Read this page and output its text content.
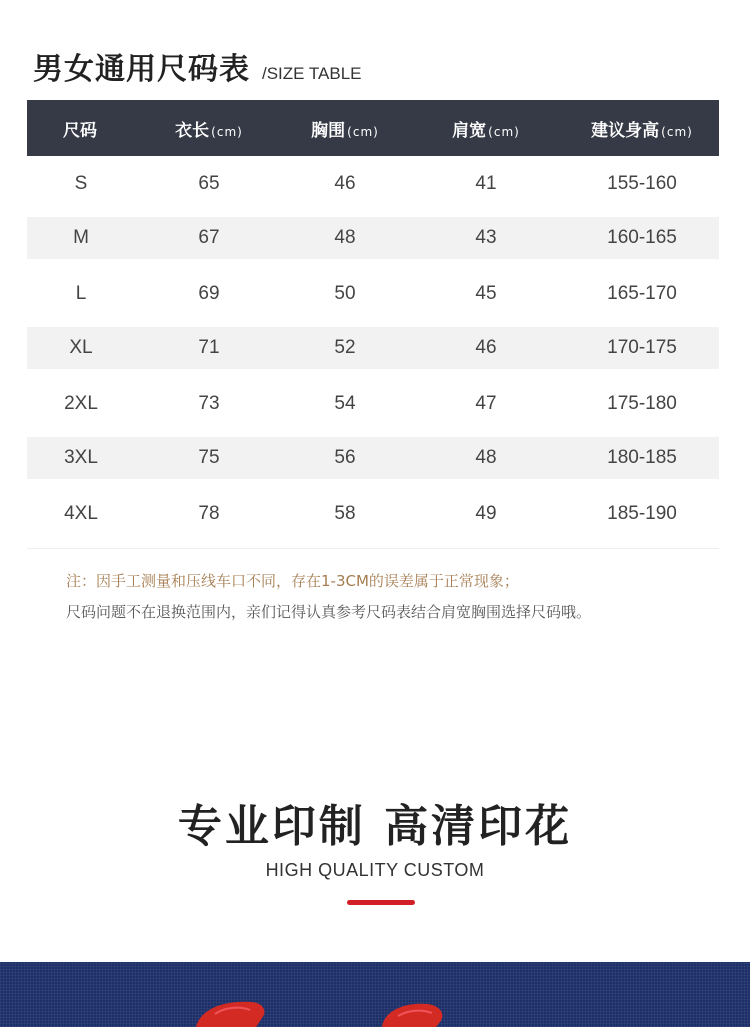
男女通用尺码表 /SIZE TABLE
尺码	衣长 (cm)	胸围 (cm)	肩宽 (cm)	建议身高 (cm)
S	65	46	41	155-160
M	67	48	43	160-165
L	69	50	45	165-170
XL	71	52	46	170-175
2XL	73	54	47	175-180
3XL	75	56	48	180-185
4XL	78	58	49	185-190
注：因手工测量和压线车口不同，存在1-3CM的误差属于正常现象；
尺码问题不在退换范围内，亲们记得认真参考尺码表结合肩宽胸围选择尺码哦。
专业印制 高清印花
HIGH QUALITY CUSTOM
